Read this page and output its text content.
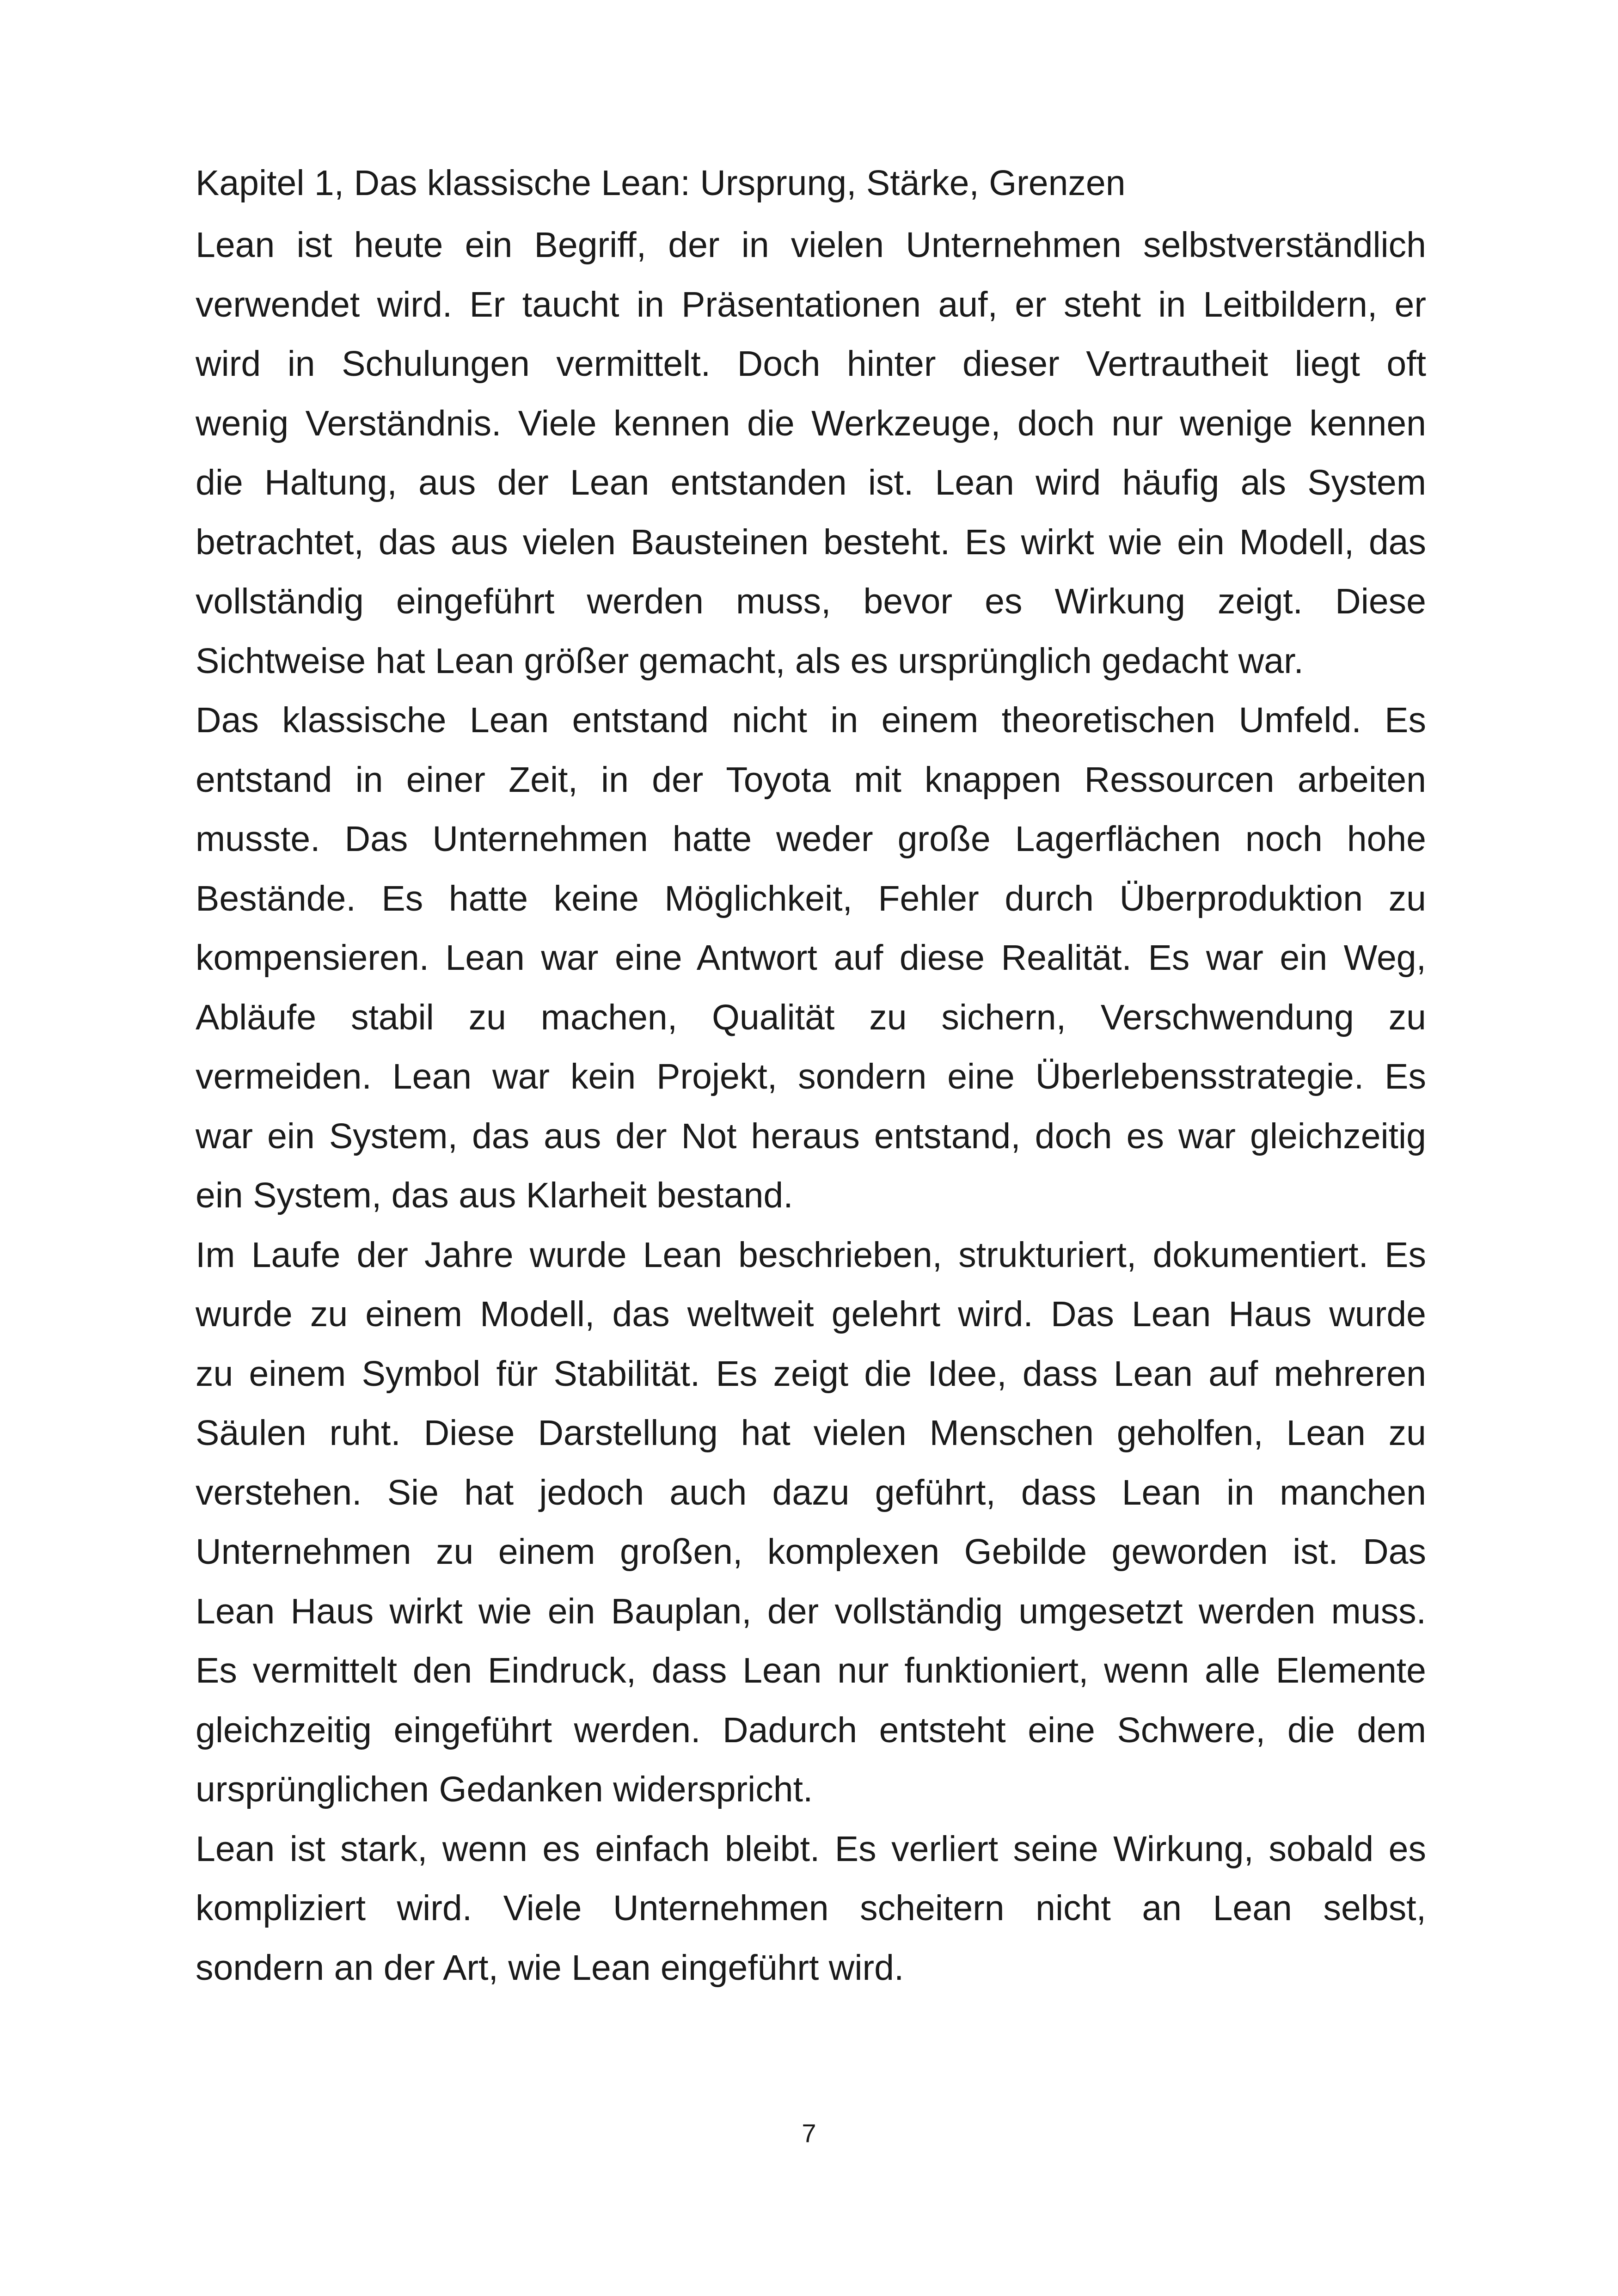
Kapitel 1, Das klassische Lean: Ursprung, Stärke, Grenzen
Lean ist heute ein Begriff, der in vielen Unternehmen selbstverständlich
verwendet wird. Er taucht in Präsentationen auf, er steht in Leitbildern, er
wird in Schulungen vermittelt. Doch hinter dieser Vertrautheit liegt oft
wenig Verständnis. Viele kennen die Werkzeuge, doch nur wenige kennen
die Haltung, aus der Lean entstanden ist. Lean wird häufig als System
betrachtet, das aus vielen Bausteinen besteht. Es wirkt wie ein Modell, das
vollständig eingeführt werden muss, bevor es Wirkung zeigt. Diese
Sichtweise hat Lean größer gemacht, als es ursprünglich gedacht war.
Das klassische Lean entstand nicht in einem theoretischen Umfeld. Es
entstand in einer Zeit, in der Toyota mit knappen Ressourcen arbeiten
musste. Das Unternehmen hatte weder große Lagerflächen noch hohe
Bestände. Es hatte keine Möglichkeit, Fehler durch Überproduktion zu
kompensieren. Lean war eine Antwort auf diese Realität. Es war ein Weg,
Abläufe stabil zu machen, Qualität zu sichern, Verschwendung zu
vermeiden. Lean war kein Projekt, sondern eine Überlebensstrategie. Es
war ein System, das aus der Not heraus entstand, doch es war gleichzeitig
ein System, das aus Klarheit bestand.
Im Laufe der Jahre wurde Lean beschrieben, strukturiert, dokumentiert. Es
wurde zu einem Modell, das weltweit gelehrt wird. Das Lean Haus wurde
zu einem Symbol für Stabilität. Es zeigt die Idee, dass Lean auf mehreren
Säulen ruht. Diese Darstellung hat vielen Menschen geholfen, Lean zu
verstehen. Sie hat jedoch auch dazu geführt, dass Lean in manchen
Unternehmen zu einem großen, komplexen Gebilde geworden ist. Das
Lean Haus wirkt wie ein Bauplan, der vollständig umgesetzt werden muss.
Es vermittelt den Eindruck, dass Lean nur funktioniert, wenn alle Elemente
gleichzeitig eingeführt werden. Dadurch entsteht eine Schwere, die dem
ursprünglichen Gedanken widerspricht.
Lean ist stark, wenn es einfach bleibt. Es verliert seine Wirkung, sobald es
kompliziert wird. Viele Unternehmen scheitern nicht an Lean selbst,
sondern an der Art, wie Lean eingeführt wird.
7
